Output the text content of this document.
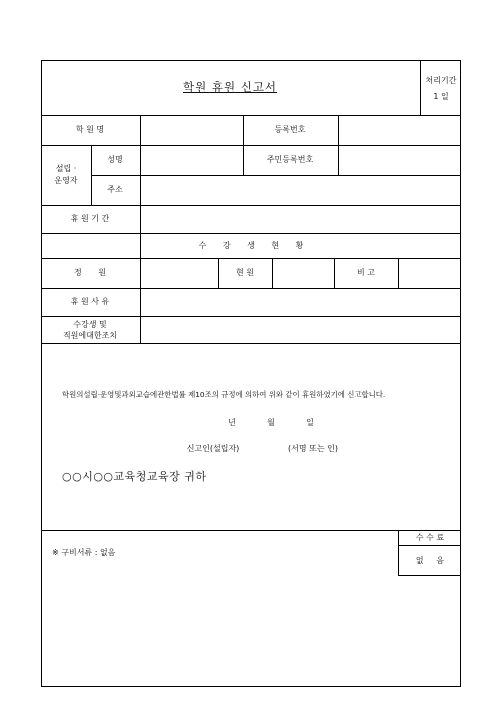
학원 휴원 신고서	처리기간
1 일
학 원 명	등록번호
설립 ·
운영자
성명	주민등록번호
주소
휴 원 기 간
수 강 생 현 황
정 원	현 원	비 고
휴 원 사 유
수강생 및
직원에대한조치
학원의설립·운영및과외교습에관한법률 제10조의 규정에 의하여 위와 같이 휴원하였기에 신고합니다.
년	월	일
신고인(설립자)	(서명 또는 인)
○○시○○교육청교육장 귀하
※ 구비서류 : 없음
수 수 료
없     음
